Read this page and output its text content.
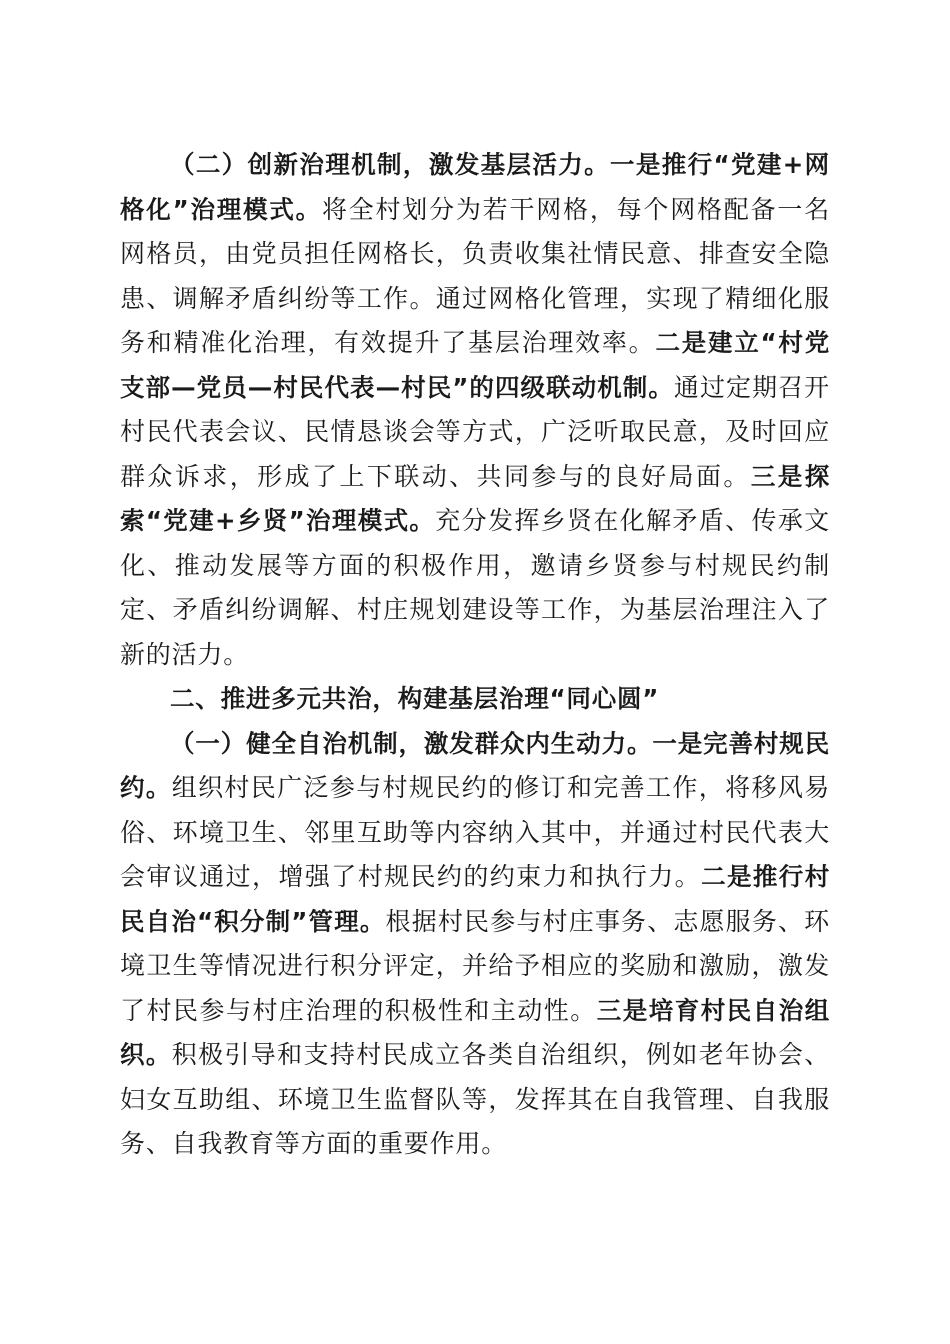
（二）创新治理机制，激发基层活力。一是推行“党建+网格化”治理模式。将全村划分为若干网格，每个网格配备一名网格员，由党员担任网格长，负责收集社情民意、排查安全隐患、调解矛盾纠纷等工作。通过网格化管理，实现了精细化服务和精准化治理，有效提升了基层治理效率。二是建立“村党支部—党员—村民代表—村民”的四级联动机制。通过定期召开村民代表会议、民情恳谈会等方式，广泛听取民意，及时回应群众诉求，形成了上下联动、共同参与的良好局面。三是探索“党建+乡贤”治理模式。充分发挥乡贤在化解矛盾、传承文化、推动发展等方面的积极作用，邀请乡贤参与村规民约制定、矛盾纠纷调解、村庄规划建设等工作，为基层治理注入了新的活力。

二、推进多元共治，构建基层治理“同心圆”

（一）健全自治机制，激发群众内生动力。一是完善村规民约。组织村民广泛参与村规民约的修订和完善工作，将移风易俗、环境卫生、邻里互助等内容纳入其中，并通过村民代表大会审议通过，增强了村规民约的约束力和执行力。二是推行村民自治“积分制”管理。根据村民参与村庄事务、志愿服务、环境卫生等情况进行积分评定，并给予相应的奖励和激励，激发了村民参与村庄治理的积极性和主动性。三是培育村民自治组织。积极引导和支持村民成立各类自治组织，例如老年协会、妇女互助组、环境卫生监督队等，发挥其在自我管理、自我服务、自我教育等方面的重要作用。
